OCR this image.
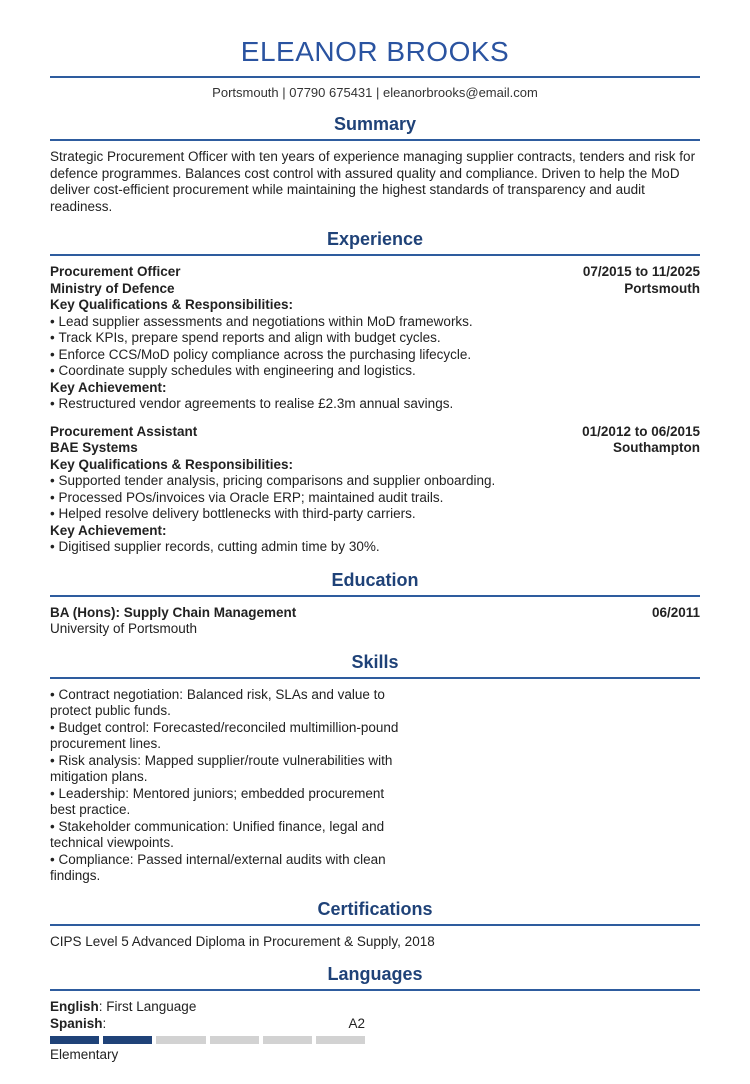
ELEANOR BROOKS
Portsmouth | 07790 675431 | eleanorbrooks@email.com
Summary

Strategic Procurement Officer with ten years of experience managing supplier contracts, tenders and risk for defence programmes. Balances cost control with assured quality and compliance. Driven to help the MoD deliver cost-efficient procurement while maintaining the highest standards of transparency and audit readiness.

Experience
Procurement Officer	07/2015 to 11/2025
Ministry of Defence	Portsmouth

Key Qualifications & Responsibilities:

• Lead supplier assessments and negotiations within MoD frameworks.
• Track KPIs, prepare spend reports and align with budget cycles.
• Enforce CCS/MoD policy compliance across the purchasing lifecycle.
• Coordinate supply schedules with engineering and logistics.

Key Achievement:

• Restructured vendor agreements to realise £2.3m annual savings.
Procurement Assistant	01/2012 to 06/2015
BAE Systems	Southampton

Key Qualifications & Responsibilities:

• Supported tender analysis, pricing comparisons and supplier onboarding.
• Processed POs/invoices via Oracle ERP; maintained audit trails.
• Helped resolve delivery bottlenecks with third-party carriers.

Key Achievement:

• Digitised supplier records, cutting admin time by 30%.
Education
BA (Hons): Supply Chain Management	06/2011

University of Portsmouth

Skills
• Contract negotiation: Balanced risk, SLAs and value to protect public funds.
• Budget control: Forecasted/reconciled multimillion-pound procurement lines.
• Risk analysis: Mapped supplier/route vulnerabilities with mitigation plans.
• Leadership: Mentored juniors; embedded procurement best practice.
• Stakeholder communication: Unified finance, legal and technical viewpoints.
• Compliance: Passed internal/external audits with clean findings.
Certifications

CIPS Level 5 Advanced Diploma in Procurement & Supply, 2018

Languages

English: First Language

Spanish:	A2

Elementary
